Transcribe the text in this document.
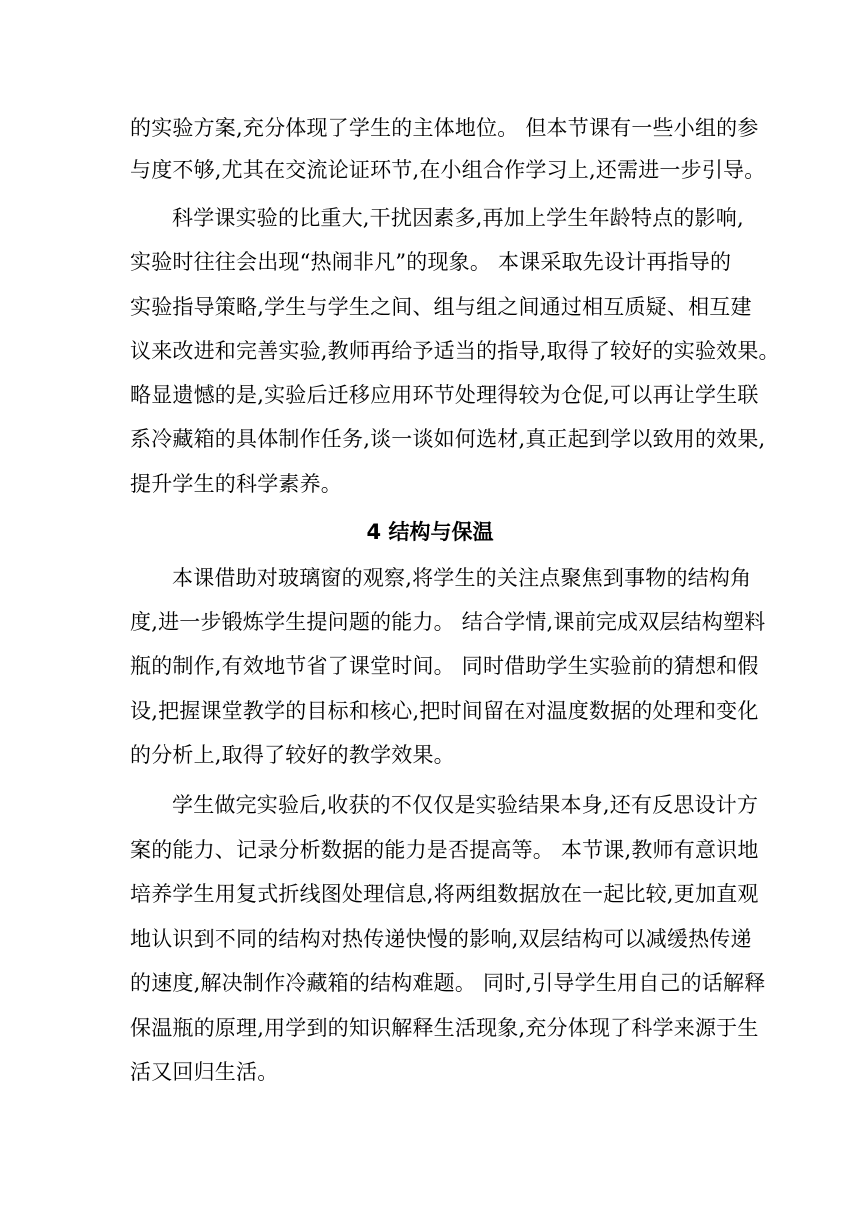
的实验方案,充分体现了学生的主体地位。 但本节课有一些小组的参
与度不够,尤其在交流论证环节,在小组合作学习上,还需进一步引导。
科学课实验的比重大,干扰因素多,再加上学生年龄特点的影响,
实验时往往会出现“热闹非凡”的现象。 本课采取先设计再指导的
实验指导策略,学生与学生之间、组与组之间通过相互质疑、相互建
议来改进和完善实验,教师再给予适当的指导,取得了较好的实验效果。
略显遗憾的是,实验后迁移应用环节处理得较为仓促,可以再让学生联
系冷藏箱的具体制作任务,谈一谈如何选材,真正起到学以致用的效果,
提升学生的科学素养。
4 结构与保温
本课借助对玻璃窗的观察,将学生的关注点聚焦到事物的结构角
度,进一步锻炼学生提问题的能力。 结合学情,课前完成双层结构塑料
瓶的制作,有效地节省了课堂时间。 同时借助学生实验前的猜想和假
设,把握课堂教学的目标和核心,把时间留在对温度数据的处理和变化
的分析上,取得了较好的教学效果。
学生做完实验后,收获的不仅仅是实验结果本身,还有反思设计方
案的能力、记录分析数据的能力是否提高等。 本节课,教师有意识地
培养学生用复式折线图处理信息,将两组数据放在一起比较,更加直观
地认识到不同的结构对热传递快慢的影响,双层结构可以减缓热传递
的速度,解决制作冷藏箱的结构难题。 同时,引导学生用自己的话解释
保温瓶的原理,用学到的知识解释生活现象,充分体现了科学来源于生
活又回归生活。
